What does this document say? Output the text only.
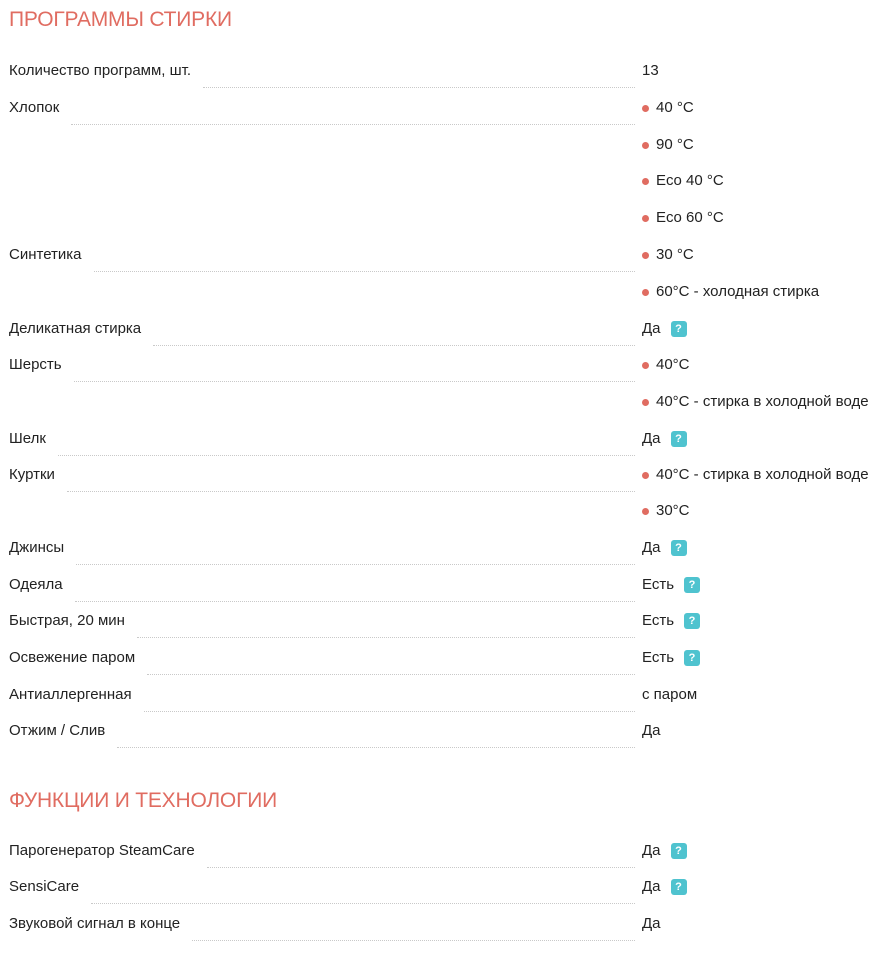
ПРОГРАММЫ СТИРКИ
Количество программ, шт.	13
Хлопок	40 °C
90 °C
Eco 40 °C
Eco 60 °C
Синтетика	30 °C
60°C - холодная стирка
Деликатная стирка	Да	?
Шерсть	40°C
40°C - стирка в холодной воде
Шелк	Да	?
Куртки	40°C - стирка в холодной воде
30°C
Джинсы	Да	?
Одеяла	Есть	?
Быстрая, 20 мин	Есть	?
Освежение паром	Есть	?
Антиаллергенная	с паром
Отжим / Слив	Да
ФУНКЦИИ И ТЕХНОЛОГИИ
Парогенератор SteamCare	Да	?
SensiCare	Да	?
Звуковой сигнал в конце	Да
